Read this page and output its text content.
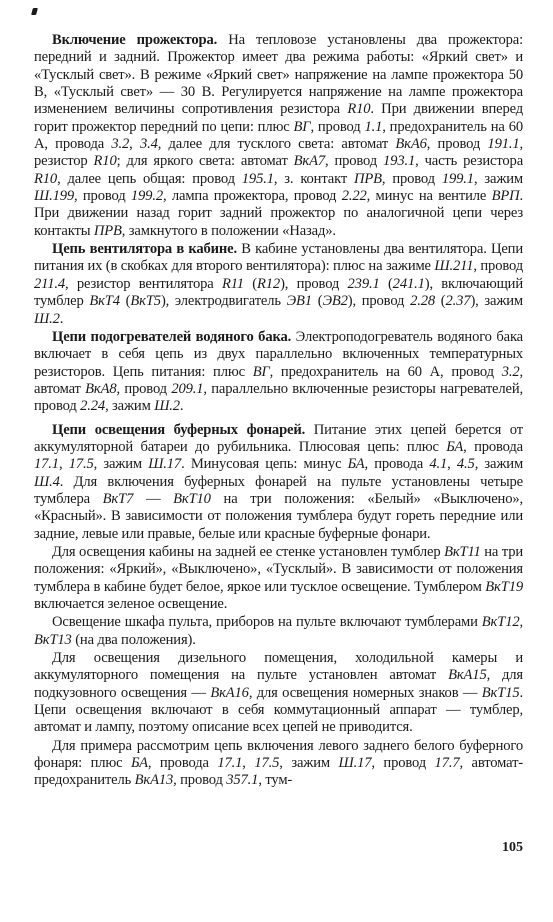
Включение прожектора. На тепловозе установлены два прожектора: передний и задний. Прожектор имеет два режима работы: «Яркий свет» и «Тусклый свет». В режиме «Яркий свет» напряжение на лампе прожектора 50 В, «Тусклый свет» — 30 В. Регулируется напряжение на лампе прожектора изменением величины сопротивления резистора R10. При движении вперед горит прожектор передний по цепи: плюс ВГ, провод 1.1, предохранитель на 60 А, провода 3.2, 3.4, далее для тусклого света: автомат ВкА6, провод 191.1, резистор R10; для яркого света: автомат ВкА7, провод 193.1, часть резистора R10, далее цепь общая: провод 195.1, з. контакт ПРВ, провод 199.1, зажим Ш.199, провод 199.2, лампа прожектора, провод 2.22, минус на вентиле ВРП. При движении назад горит задний прожектор по аналогичной цепи через контакты ПРВ, замкнутого в положении «Назад».

Цепь вентилятора в кабине. В кабине установлены два вентилятора. Цепи питания их (в скобках для второго вентилятора): плюс на зажиме Ш.211, провод 211.4, резистор вентилятора R11 (R12), провод 239.1 (241.1), включающий тумблер ВкТ4 (ВкТ5), электродвигатель ЭВ1 (ЭВ2), провод 2.28 (2.37), зажим Ш.2.

Цепи подогревателей водяного бака. Электроподогреватель водяного бака включает в себя цепь из двух параллельно включенных температурных резисторов. Цепь питания: плюс ВГ, предохранитель на 60 А, провод 3.2, автомат ВкА8, провод 209.1, параллельно включенные резисторы нагревателей, провод 2.24, зажим Ш.2.

Цепи освещения буферных фонарей. Питание этих цепей берется от аккумуляторной батареи до рубильника. Плюсовая цепь: плюс БА, провода 17.1, 17.5, зажим Ш.17. Минусовая цепь: минус БА, провода 4.1, 4.5, зажим Ш.4. Для включения буферных фонарей на пульте установлены четыре тумблера ВкТ7 — ВкТ10 на три положения: «Белый» «Выключено», «Красный». В зависимости от положения тумблера будут гореть передние или задние, левые или правые, белые или красные буферные фонари.

Для освещения кабины на задней ее стенке установлен тумблер ВкТ11 на три положения: «Яркий», «Выключено», «Тусклый». В зависимости от положения тумблера в кабине будет белое, яркое или тусклое освещение. Тумблером ВкТ19 включается зеленое освещение.

Освещение шкафа пульта, приборов на пульте включают тумблерами ВкТ12, ВкТ13 (на два положения).

Для освещения дизельного помещения, холодильной камеры и аккумуляторного помещения на пульте установлен автомат ВкА15, для подкузовного освещения — ВкА16, для освещения номерных знаков — ВкТ15. Цепи освещения включают в себя коммутационный аппарат — тумблер, автомат и лампу, поэтому описание всех цепей не приводится.

Для примера рассмотрим цепь включения левого заднего белого буферного фонаря: плюс БА, провода 17.1, 17.5, зажим Ш.17, провод 17.7, автомат-предохранитель ВкА13, провод 357.1, тум-

105
